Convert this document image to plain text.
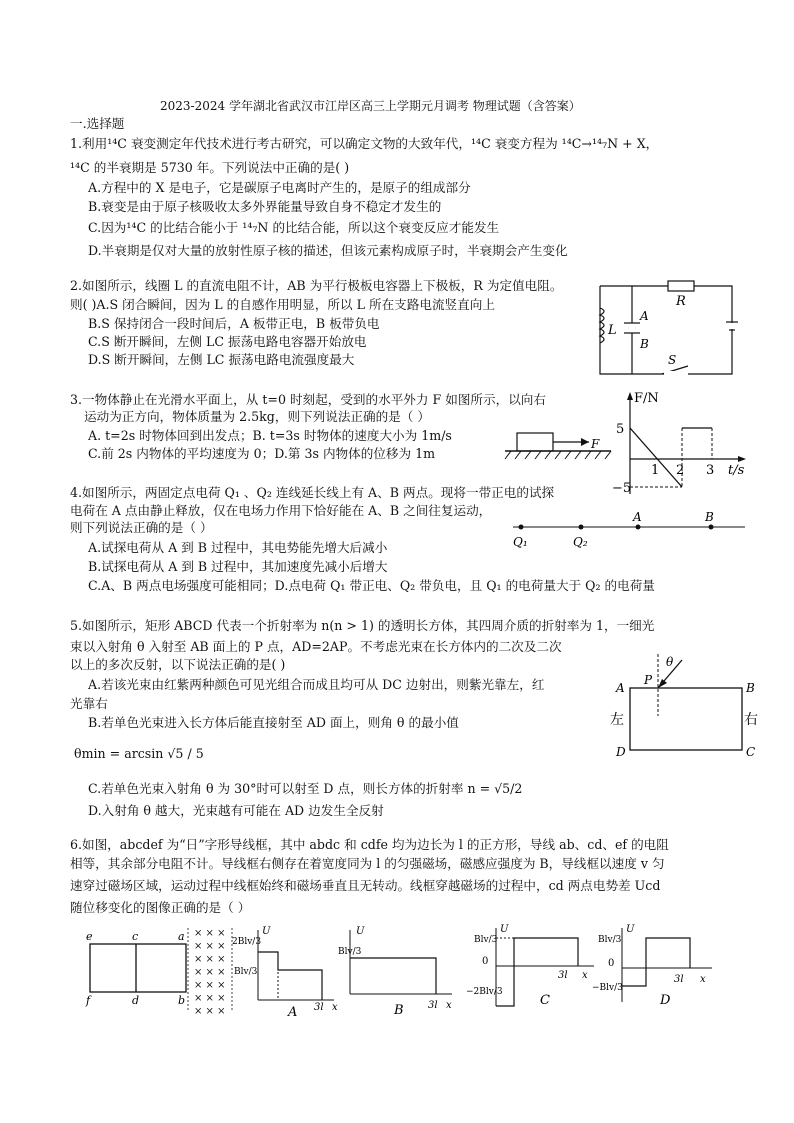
2023-2024 学年湖北省武汉市江岸区高三上学期元月调考 物理试题（含答案）
一.选择题
1.利用¹⁴C 衰变测定年代技术进行考古研究，可以确定文物的大致年代，¹⁴C 衰变方程为 ¹⁴C→¹⁴₇N + X，
¹⁴C 的半衰期是 5730 年。下列说法中正确的是( )
A.方程中的 X 是电子，它是碳原子电离时产生的，是原子的组成部分
B.衰变是由于原子核吸收太多外界能量导致自身不稳定才发生的
C.因为¹⁴C 的比结合能小于 ¹⁴₇N 的比结合能，所以这个衰变反应才能发生
D.半衰期是仅对大量的放射性原子核的描述，但该元素构成原子时，半衰期会产生变化
2.如图所示，线圈 L 的直流电阻不计，AB 为平行极板电容器上下极板，R 为定值电阻。
则( )A.S 闭合瞬间，因为 L 的自感作用明显，所以 L 所在支路电流竖直向上
B.S 保持闭合一段时间后，A 板带正电，B 板带负电
C.S 断开瞬间，左侧 LC 振荡电路电容器开始放电
D.S 断开瞬间，左侧 LC 振荡电路电流强度最大
L
A
B
R
S
3.一物体静止在光滑水平面上，从 t=0 时刻起，受到的水平外力 F 如图所示，以向右
运动为正方向，物体质量为 2.5kg，则下列说法正确的是（ ）
A. t=2s 时物体回到出发点；B. t=3s 时物体的速度大小为 1m/s
C.前 2s 内物体的平均速度为 0；D.第 3s 内物体的位移为 1m
F
F/N
t/s
5
−5
1 2 3
4.如图所示，两固定点电荷 Q₁ 、Q₂ 连线延长线上有 A、B 两点。现将一带正电的试探
电荷在 A 点由静止释放，仅在电场力作用下恰好能在 A、B 之间往复运动，
则下列说法正确的是（ ）
A.试探电荷从 A 到 B 过程中，其电势能先增大后减小
B.试探电荷从 A 到 B 过程中，其加速度先减小后增大
C.A、B 两点电场强度可能相同；D.点电荷 Q₁ 带正电、Q₂ 带负电，且 Q₁ 的电荷量大于 Q₂ 的电荷量
A	B
Q₁	Q₂
5.如图所示，矩形 ABCD 代表一个折射率为 n(n > 1) 的透明长方体，其四周介质的折射率为 1，一细光
束以入射角 θ 入射至 AB 面上的 P 点，AD=2AP。不考虑光束在长方体内的二次及二次
以上的多次反射，以下说法正确的是( )
A.若该光束由红紫两种颜色可见光组合而成且均可从 DC 边射出，则紫光靠左，红
光靠右
B.若单色光束进入长方体后能直接射至 AD 面上，则角 θ 的最小值
θmin = arcsin √5 / 5
C.若单色光束入射角 θ 为 30°时可以射至 D 点，则长方体的折射率 n = √5/2
D.入射角 θ 越大，光束越有可能在 AD 边发生全反射
θ
P
A	B
C
D
左	右
6.如图，abcdef 为“日”字形导线框，其中 abdc 和 cdfe 均为边长为 l 的正方形，导线 ab、cd、ef 的电阻
相等，其余部分电阻不计。导线框右侧存在着宽度同为 l 的匀强磁场，磁感应强度为 B，导线框以速度 v 匀
速穿过磁场区域，运动过程中线框始终和磁场垂直且无转动。线框穿越磁场的过程中，cd 两点电势差 Ucd
随位移变化的图像正确的是（ ）
e	c	a
f	d	b
× × ×
× × ×
× × ×
× × ×
× × ×
× × ×
× × ×
2Blv/3
Blv/3
U
3l x
A
Blv/3
U
3l x
B
Blv/3
0
−2Blv/3
U
3l x
C
Blv/3
0
−Blv/3
U
3l x
D
